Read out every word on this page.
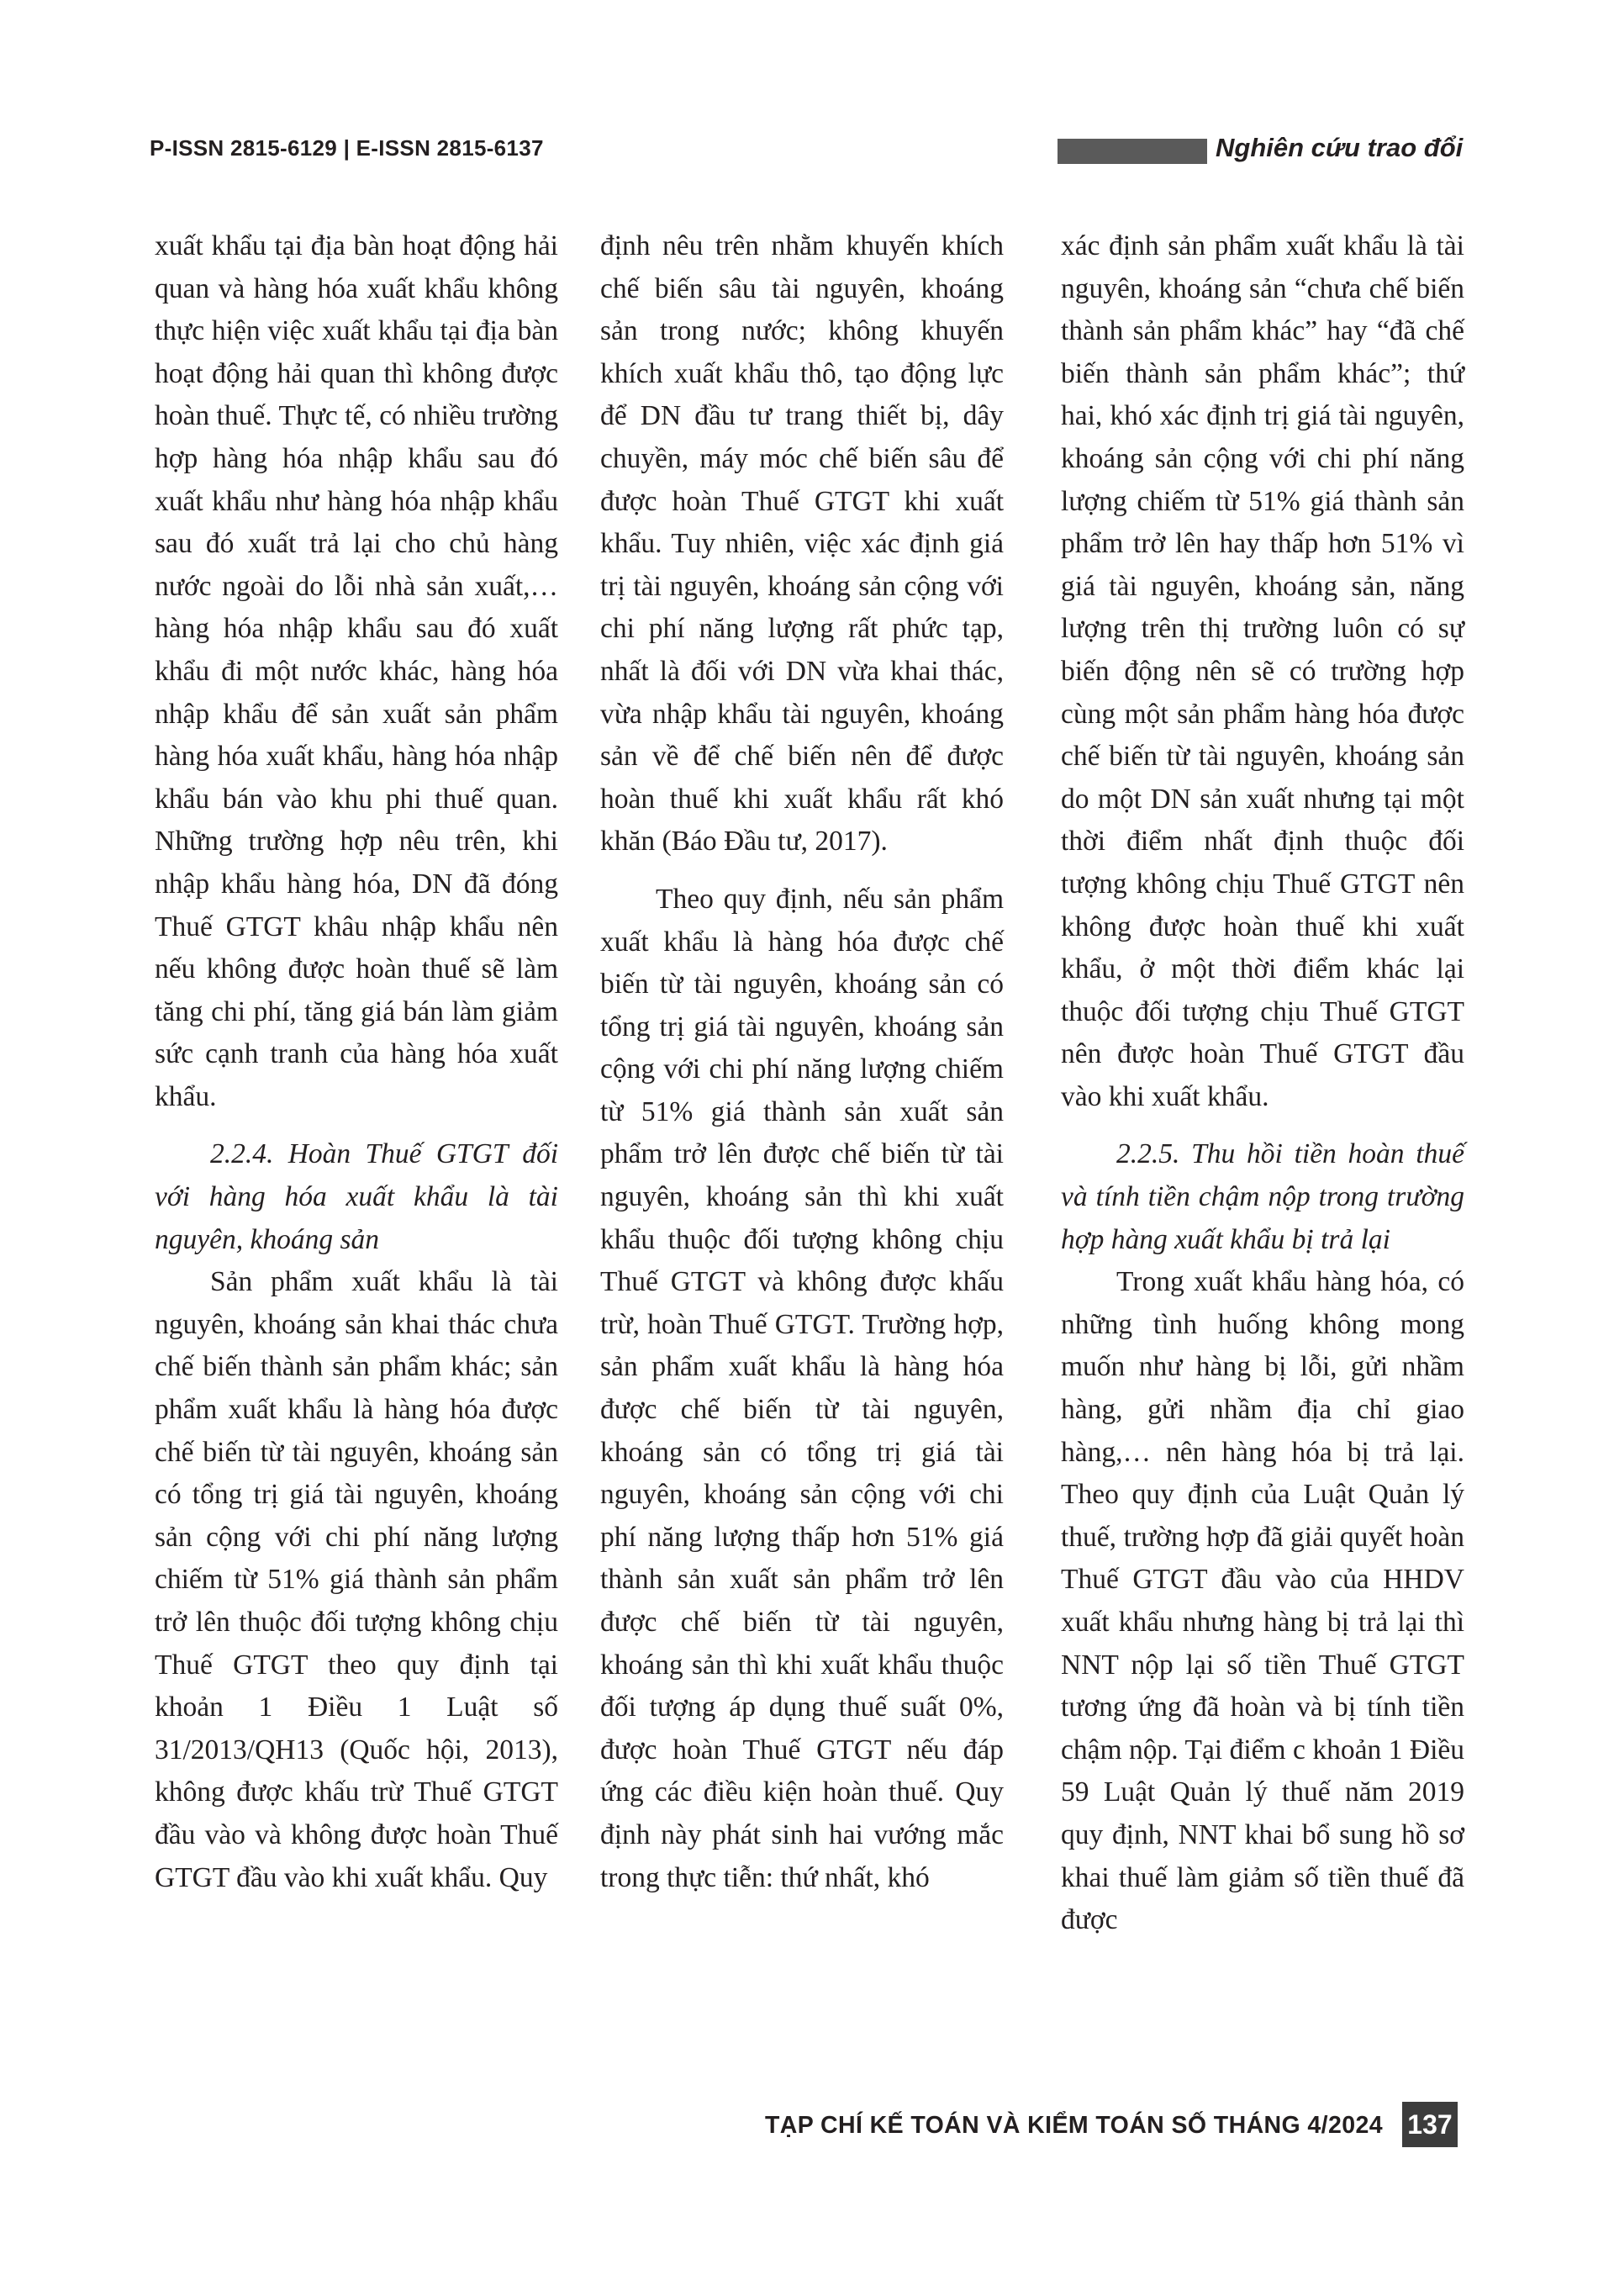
P-ISSN 2815-6129 | E-ISSN 2815-6137	Nghiên cứu trao đổi

xuất khẩu tại địa bàn hoạt động hải quan và hàng hóa xuất khẩu không thực hiện việc xuất khẩu tại địa bàn hoạt động hải quan thì không được hoàn thuế. Thực tế, có nhiều trường hợp hàng hóa nhập khẩu sau đó xuất khẩu như hàng hóa nhập khẩu sau đó xuất trả lại cho chủ hàng nước ngoài do lỗi nhà sản xuất,… hàng hóa nhập khẩu sau đó xuất khẩu đi một nước khác, hàng hóa nhập khẩu để sản xuất sản phẩm hàng hóa xuất khẩu, hàng hóa nhập khẩu bán vào khu phi thuế quan. Những trường hợp nêu trên, khi nhập khẩu hàng hóa, DN đã đóng Thuế GTGT khâu nhập khẩu nên nếu không được hoàn thuế sẽ làm tăng chi phí, tăng giá bán làm giảm sức cạnh tranh của hàng hóa xuất khẩu.

2.2.4. Hoàn Thuế GTGT đối với hàng hóa xuất khẩu là tài nguyên, khoáng sản

Sản phẩm xuất khẩu là tài nguyên, khoáng sản khai thác chưa chế biến thành sản phẩm khác; sản phẩm xuất khẩu là hàng hóa được chế biến từ tài nguyên, khoáng sản có tổng trị giá tài nguyên, khoáng sản cộng với chi phí năng lượng chiếm từ 51% giá thành sản phẩm trở lên thuộc đối tượng không chịu Thuế GTGT theo quy định tại khoản 1 Điều 1 Luật số 31/2013/QH13 (Quốc hội, 2013), không được khấu trừ Thuế GTGT đầu vào và không được hoàn Thuế GTGT đầu vào khi xuất khẩu. Quy

định nêu trên nhằm khuyến khích chế biến sâu tài nguyên, khoáng sản trong nước; không khuyến khích xuất khẩu thô, tạo động lực để DN đầu tư trang thiết bị, dây chuyền, máy móc chế biến sâu để được hoàn Thuế GTGT khi xuất khẩu. Tuy nhiên, việc xác định giá trị tài nguyên, khoáng sản cộng với chi phí năng lượng rất phức tạp, nhất là đối với DN vừa khai thác, vừa nhập khẩu tài nguyên, khoáng sản về để chế biến nên để được hoàn thuế khi xuất khẩu rất khó khăn (Báo Đầu tư, 2017).

Theo quy định, nếu sản phẩm xuất khẩu là hàng hóa được chế biến từ tài nguyên, khoáng sản có tổng trị giá tài nguyên, khoáng sản cộng với chi phí năng lượng chiếm từ 51% giá thành sản xuất sản phẩm trở lên được chế biến từ tài nguyên, khoáng sản thì khi xuất khẩu thuộc đối tượng không chịu Thuế GTGT và không được khấu trừ, hoàn Thuế GTGT. Trường hợp, sản phẩm xuất khẩu là hàng hóa được chế biến từ tài nguyên, khoáng sản có tổng trị giá tài nguyên, khoáng sản cộng với chi phí năng lượng thấp hơn 51% giá thành sản xuất sản phẩm trở lên được chế biến từ tài nguyên, khoáng sản thì khi xuất khẩu thuộc đối tượng áp dụng thuế suất 0%, được hoàn Thuế GTGT nếu đáp ứng các điều kiện hoàn thuế. Quy định này phát sinh hai vướng mắc trong thực tiễn: thứ nhất, khó

xác định sản phẩm xuất khẩu là tài nguyên, khoáng sản “chưa chế biến thành sản phẩm khác” hay “đã chế biến thành sản phẩm khác”; thứ hai, khó xác định trị giá tài nguyên, khoáng sản cộng với chi phí năng lượng chiếm từ 51% giá thành sản phẩm trở lên hay thấp hơn 51% vì giá tài nguyên, khoáng sản, năng lượng trên thị trường luôn có sự biến động nên sẽ có trường hợp cùng một sản phẩm hàng hóa được chế biến từ tài nguyên, khoáng sản do một DN sản xuất nhưng tại một thời điểm nhất định thuộc đối tượng không chịu Thuế GTGT nên không được hoàn thuế khi xuất khẩu, ở một thời điểm khác lại thuộc đối tượng chịu Thuế GTGT nên được hoàn Thuế GTGT đầu vào khi xuất khẩu.

2.2.5. Thu hồi tiền hoàn thuế và tính tiền chậm nộp trong trường hợp hàng xuất khẩu bị trả lại

Trong xuất khẩu hàng hóa, có những tình huống không mong muốn như hàng bị lỗi, gửi nhầm hàng, gửi nhầm địa chỉ giao hàng,… nên hàng hóa bị trả lại. Theo quy định của Luật Quản lý thuế, trường hợp đã giải quyết hoàn Thuế GTGT đầu vào của HHDV xuất khẩu nhưng hàng bị trả lại thì NNT nộp lại số tiền Thuế GTGT tương ứng đã hoàn và bị tính tiền chậm nộp. Tại điểm c khoản 1 Điều 59 Luật Quản lý thuế năm 2019 quy định, NNT khai bổ sung hồ sơ khai thuế làm giảm số tiền thuế đã được

TẠP CHÍ KẾ TOÁN VÀ KIỂM TOÁN SỐ THÁNG 4/2024 137
